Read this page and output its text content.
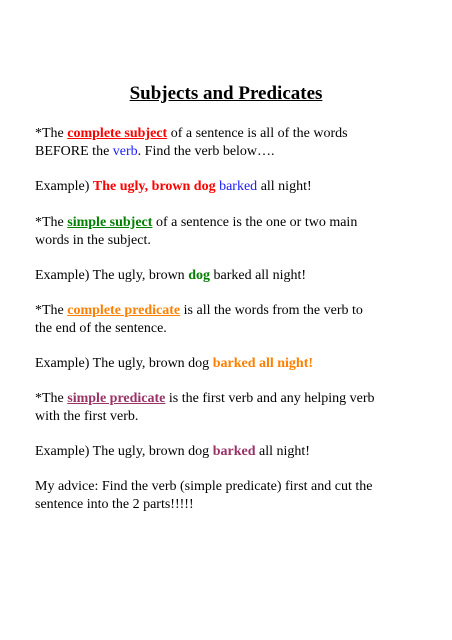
Subjects and Predicates

*The complete subject of a sentence is all of the words
BEFORE the verb. Find the verb below….

Example) The ugly, brown dog barked all night!

*The simple subject of a sentence is the one or two main
words in the subject.

Example) The ugly, brown dog barked all night!

*The complete predicate is all the words from the verb to
the end of the sentence.

Example) The ugly, brown dog barked all night!

*The simple predicate is the first verb and any helping verb
with the first verb.

Example) The ugly, brown dog barked all night!

My advice: Find the verb (simple predicate) first and cut the
sentence into the 2 parts!!!!!
